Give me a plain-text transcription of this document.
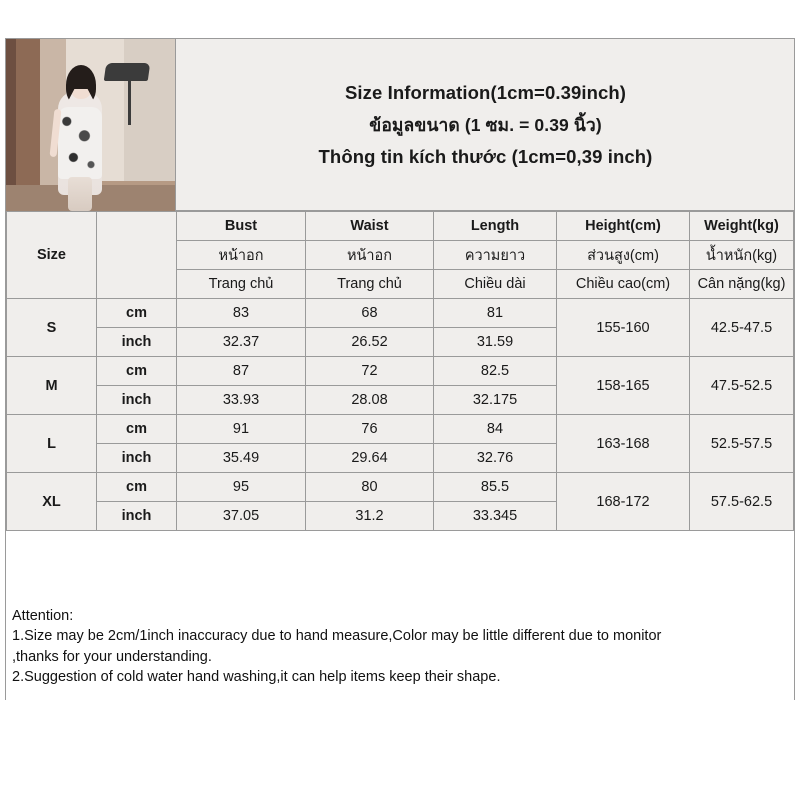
Size Information(1cm=0.39inch)
ข้อมูลขนาด (1 ซม. = 0.39 นิ้ว)
Thông tin kích thước (1cm=0,39 inch)
Size		Bust	Waist	Length	Height(cm)	Weight(kg)
		หน้าอก	หน้าอก	ความยาว	ส่วนสูง(cm)	น้ำหนัก(kg)
		Trang chủ	Trang chủ	Chiều dài	Chiều cao(cm)	Cân nặng(kg)
S	cm	83	68	81	155-160	42.5-47.5
	inch	32.37	26.52	31.59		
M	cm	87	72	82.5	158-165	47.5-52.5
	inch	33.93	28.08	32.175		
L	cm	91	76	84	163-168	52.5-57.5
	inch	35.49	29.64	32.76		
XL	cm	95	80	85.5	168-172	57.5-62.5
	inch	37.05	31.2	33.345		

Attention:

1.Size may be 2cm/1inch inaccuracy due to hand measure,Color may be little different due to monitor

,thanks for your understanding.

2.Suggestion of cold water hand washing,it can help items keep their shape.
